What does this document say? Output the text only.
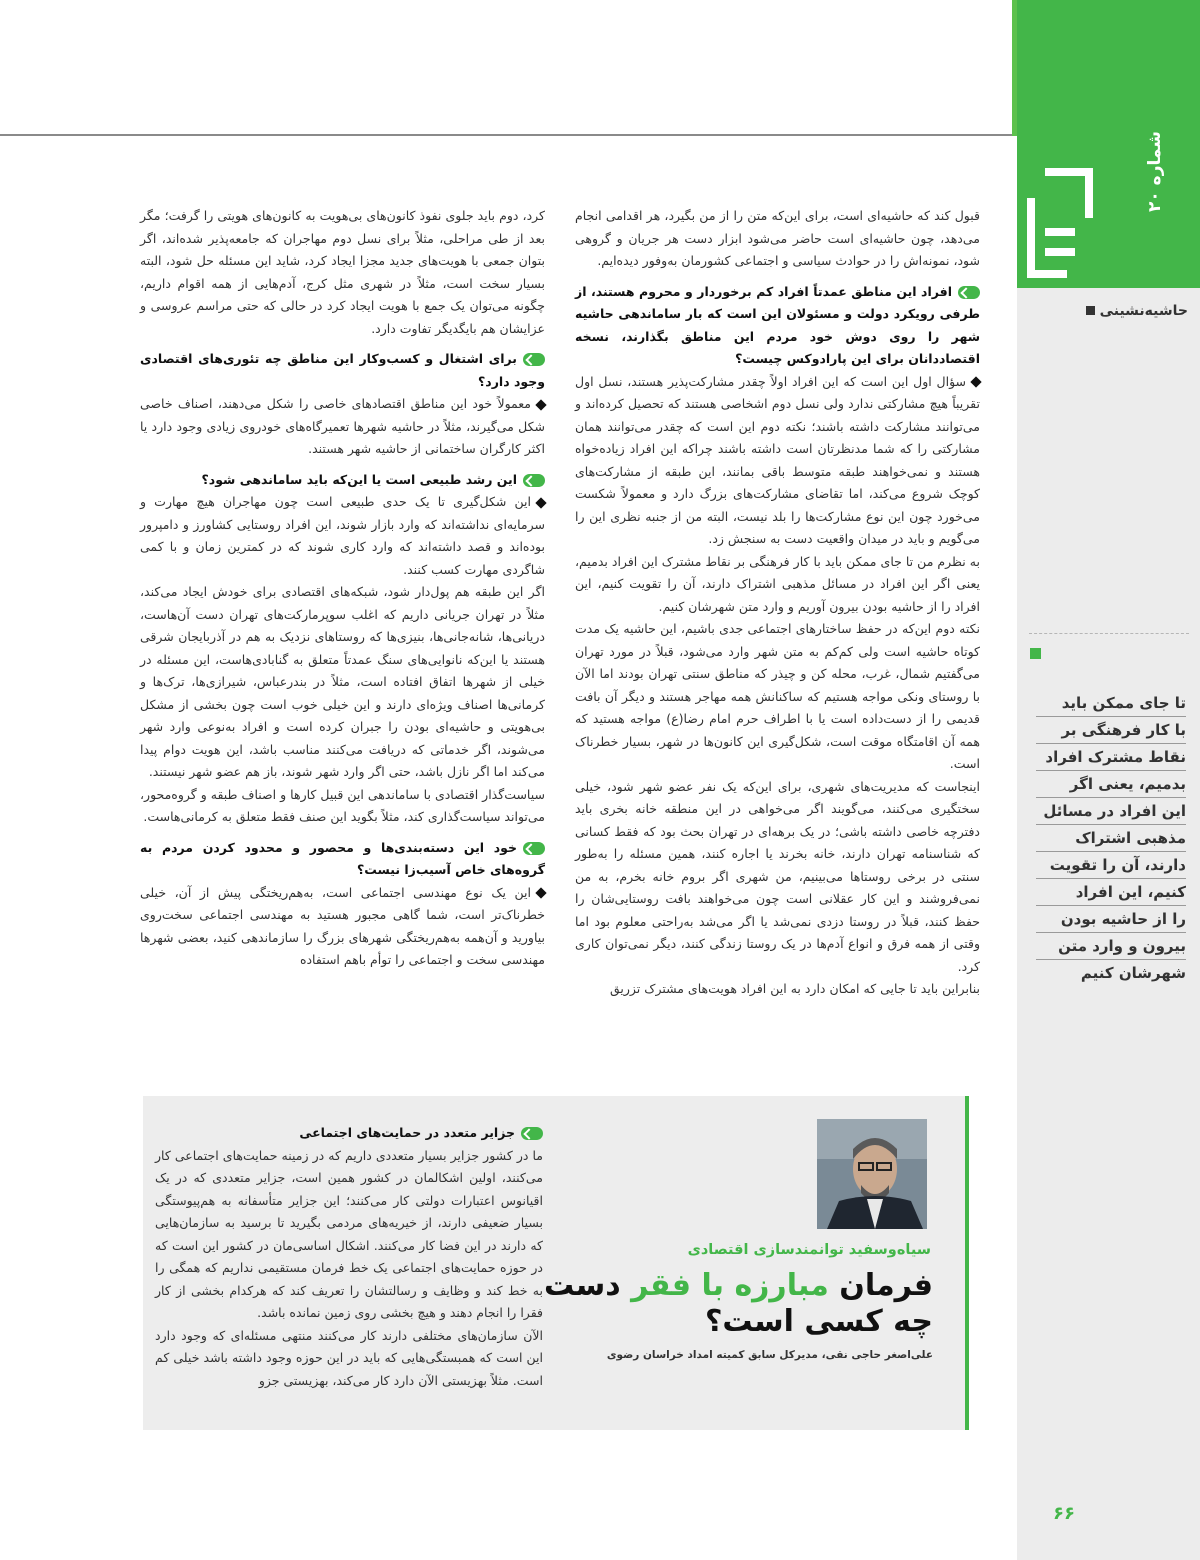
شماره ۲۰
حاشیه‌نشینی
تا جای ممکن باید
با کار فرهنگی بر
نقاط مشترک افراد
بدمیم، یعنی اگر
این افراد در مسائل
مذهبی اشتراک
دارند، آن را تقویت
کنیم، این افراد
را از حاشیه بودن
بیرون و وارد متن
شهرشان کنیم
۶۶

قبول کند که حاشیه‌ای است، برای این‌که متن را از من بگیرد، هر اقدامی انجام می‌دهد، چون حاشیه‌ای است حاضر می‌شود ابزار دست هر جریان و گروهی شود، نمونه‌اش را در حوادث سیاسی و اجتماعی کشورمان به‌وفور دیده‌ایم.

افراد این مناطق عمدتاً افراد کم برخوردار و محروم هستند، از طرفی رویکرد دولت و مسئولان این است که بار ساماندهی حاشیه شهر را روی دوش خود مردم این مناطق بگذارند، نسخه اقتصاددانان برای این پارادوکس چیست؟

سؤال اول این است که این افراد اولاً چقدر مشارکت‌پذیر هستند، نسل اول تقریباً هیچ مشارکتی ندارد ولی نسل دوم اشخاصی هستند که تحصیل کرده‌اند و می‌توانند مشارکت داشته باشند؛ نکته دوم این است که چقدر می‌توانند همان مشارکتی را که شما مدنظرتان است داشته باشند چراکه این افراد زیاده‌خواه هستند و نمی‌خواهند طبقه متوسط باقی بمانند، این طبقه از مشارکت‌های کوچک شروع می‌کند، اما تقاضای مشارکت‌های بزرگ دارد و معمولاً شکست می‌خورد چون این نوع مشارکت‌ها را بلد نیست، البته من از جنبه نظری این را می‌گویم و باید در میدان واقعیت دست به سنجش زد.

به نظرم من تا جای ممکن باید با کار فرهنگی بر نقاط مشترک این افراد بدمیم، یعنی اگر این افراد در مسائل مذهبی اشتراک دارند، آن را تقویت کنیم، این افراد را از حاشیه بودن بیرون آوریم و وارد متن شهرشان کنیم.

نکته دوم این‌که در حفظ ساختارهای اجتماعی جدی باشیم، این حاشیه یک مدت کوتاه حاشیه است ولی کم‌کم به متن شهر وارد می‌شود، قبلاً در مورد تهران می‌گفتیم شمال، غرب، محله کن و چیذر که مناطق سنتی تهران بودند اما الآن با روستای ونکی مواجه هستیم که ساکنانش همه مهاجر هستند و دیگر آن بافت قدیمی را از دست‌داده است یا با اطراف حرم امام رضا(ع) مواجه هستید که همه آن اقامتگاه موقت است، شکل‌گیری این کانون‌ها در شهر، بسیار خطرناک است.

اینجاست که مدیریت‌های شهری، برای این‌که یک نفر عضو شهر شود، خیلی سختگیری می‌کنند، می‌گویند اگر می‌خواهی در این منطقه خانه بخری باید دفترچه خاصی داشته باشی؛ در یک برهه‌ای در تهران بحث بود که فقط کسانی که شناسنامه تهران دارند، خانه بخرند یا اجاره کنند، همین مسئله را به‌طور سنتی در برخی روستاها می‌بینیم، من شهری اگر بروم خانه بخرم، به من نمی‌فروشند و این کار عقلانی است چون می‌خواهند بافت روستایی‌شان را حفظ کنند، قبلاً در روستا دزدی نمی‌شد یا اگر می‌شد به‌راحتی معلوم بود اما وقتی از همه فرق و انواع آدم‌ها در یک روستا زندگی کنند، دیگر نمی‌توان کاری کرد.

بنابراین باید تا جایی که امکان دارد به این افراد هویت‌های مشترک تزریق

کرد، دوم باید جلوی نفوذ کانون‌های بی‌هویت به کانون‌های هویتی را گرفت؛ مگر بعد از طی مراحلی، مثلاً برای نسل دوم مهاجران که جامعه‌پذیر شده‌اند، اگر بتوان جمعی با هویت‌های جدید مجزا ایجاد کرد، شاید این مسئله حل شود، البته بسیار سخت است، مثلاً در شهری مثل کرج، آدم‌هایی از همه اقوام داریم، چگونه می‌توان یک جمع با هویت ایجاد کرد در حالی که حتی مراسم عروسی و عزایشان هم بایگدیگر تفاوت دارد.

برای اشتغال و کسب‌وکار این مناطق چه تئوری‌های اقتصادی وجود دارد؟

معمولاً خود این مناطق اقتصادهای خاصی را شکل می‌دهند، اصناف خاصی شکل می‌گیرند، مثلاً در حاشیه شهرها تعمیرگاه‌های خودروی زیادی وجود دارد یا اکثر کارگران ساختمانی از حاشیه شهر هستند.

این رشد طبیعی است یا این‌که باید ساماندهی شود؟

این شکل‌گیری تا یک حدی طبیعی است چون مهاجران هیچ مهارت و سرمایه‌ای نداشته‌اند که وارد بازار شوند، این افراد روستایی کشاورز و دامپرور بوده‌اند و قصد داشته‌اند که وارد کاری شوند که در کمترین زمان و با کمی شاگردی مهارت کسب کنند.

اگر این طبقه هم پول‌دار شود، شبکه‌های اقتصادی برای خودش ایجاد می‌کند، مثلاً در تهران جریانی داریم که اغلب سوپرمارکت‌های تهران دست آن‌هاست، دریانی‌ها، شانه‌جانی‌ها، بنیزی‌ها که روستاهای نزدیک به هم در آذربایجان شرقی هستند یا این‌که نانوایی‌های سنگ عمدتاً متعلق به گنابادی‌هاست، این مسئله در خیلی از شهرها اتفاق افتاده است، مثلاً در بندرعباس، شیرازی‌ها، ترک‌ها و کرمانی‌ها اصناف ویژه‌ای دارند و این خیلی خوب است چون بخشی از مشکل بی‌هویتی و حاشیه‌ای بودن را جبران کرده است و افراد به‌نوعی وارد شهر می‌شوند، اگر خدماتی که دریافت می‌کنند مناسب باشد، این هویت دوام پیدا می‌کند اما اگر نازل باشد، حتی اگر وارد شهر شوند، باز هم عضو شهر نیستند.

سیاست‌گذار اقتصادی با ساماندهی این قبیل کارها و اصناف طبقه و گروه‌محور، می‌تواند سیاست‌گذاری کند، مثلاً بگوید این صنف فقط متعلق به کرمانی‌هاست.

خود این دسته‌بندی‌ها و محصور و محدود کردن مردم به گروه‌های خاص آسیب‌زا نیست؟

این یک نوع مهندسی اجتماعی است، به‌هم‌ریختگی پیش از آن، خیلی خطرناک‌تر است، شما گاهی مجبور هستید به مهندسی اجتماعی سخت‌روی بیاورید و آن‌همه به‌هم‌ریختگی شهرهای بزرگ را سازماندهی کنید، بعضی شهرها مهندسی سخت و اجتماعی را توأم باهم استفاده

سیاه‌وسفید توانمندسازی اقتصادی
فرمان مبارزه با فقر دست
چه کسی است؟
علی‌اصغر حاجی نقی، مدیرکل سابق کمیته امداد خراسان رضوی

جزایر متعدد در حمایت‌های اجتماعی

ما در کشور جزایر بسیار متعددی داریم که در زمینه حمایت‌های اجتماعی کار می‌کنند، اولین اشکالمان در کشور همین است، جزایر متعددی که در یک اقیانوس اعتبارات دولتی کار می‌کنند؛ این جزایر متأسفانه به هم‌پیوستگی بسیار ضعیفی دارند، از خیریه‌های مردمی بگیرید تا برسید به سازمان‌هایی که دارند در این فضا کار می‌کنند. اشکال اساسی‌مان در کشور این است که در حوزه حمایت‌های اجتماعی یک خط فرمان مستقیمی نداریم که همگی را به خط کند و وظایف و رسالتشان را تعریف کند که هرکدام بخشی از کار فقرا را انجام دهند و هیچ بخشی روی زمین نمانده باشد.

الآن سازمان‌های مختلفی دارند کار می‌کنند منتهی مسئله‌ای که وجود دارد این است که همبستگی‌هایی که باید در این حوزه وجود داشته باشد خیلی کم است. مثلاً بهزیستی الآن دارد کار می‌کند، بهزیستی جزو
